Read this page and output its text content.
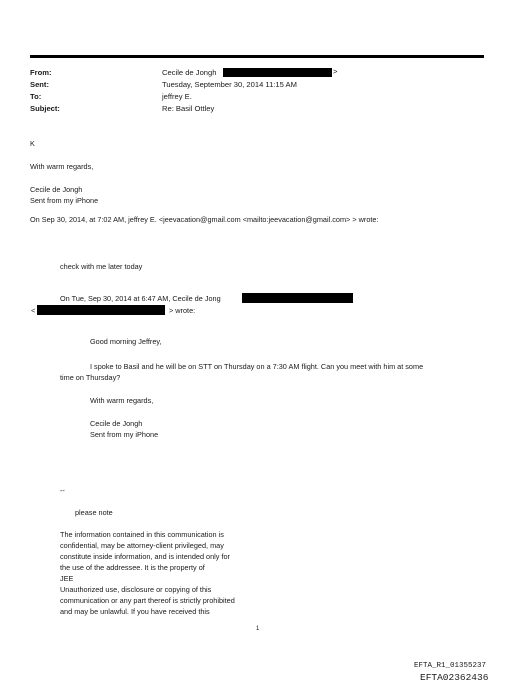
From:	Cecile de Jongh	>
Sent:	Tuesday, September 30, 2014 11:15 AM
To:	jeffrey E.
Subject:	Re: Basil Ottley
K
With warm regards,
Cecile de Jongh
Sent from my iPhone
On Sep 30, 2014, at 7:02 AM, jeffrey E. <jeevacation@gmail.com <mailto:jeevacation@gmail.com> > wrote:
check with me later today
On Tue, Sep 30, 2014 at 6:47 AM, Cecile de Jong
<	> wrote:
Good morning Jeffrey,
I spoke to Basil and he will be on STT on Thursday on a 7:30 AM flight. Can you meet with him at some
time on Thursday?
With warm regards,
Cecile de Jongh
Sent from my iPhone
--
please note
The information contained in this communication is
confidential, may be attorney-client privileged, may
constitute inside information, and is intended only for
the use of the addressee. It is the property of
JEE
Unauthorized use, disclosure or copying of this
communication or any part thereof is strictly prohibited
and may be unlawful. If you have received this
1
EFTA_R1_01355237
EFTA02362436
